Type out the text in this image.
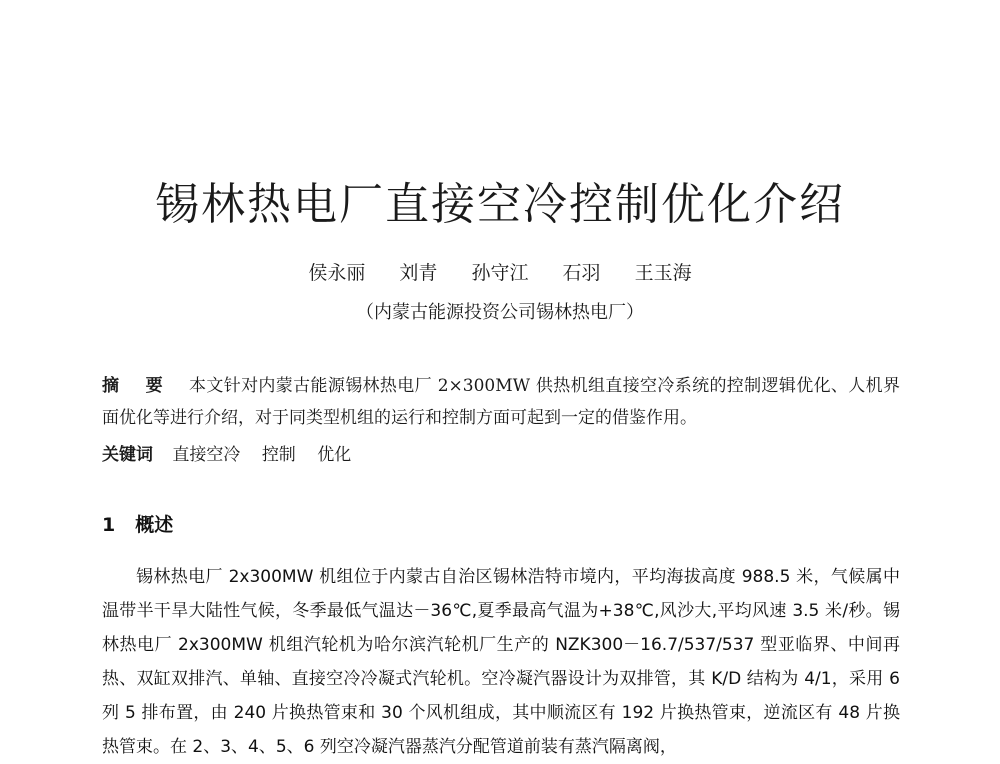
锡林热电厂直接空冷控制优化介绍
侯永丽 刘青 孙守江 石羽 王玉海
（内蒙古能源投资公司锡林热电厂）
摘 要 本文针对内蒙古能源锡林热电厂 2×300MW 供热机组直接空冷系统的控制逻辑优化、人机界面优化等进行介绍，对于同类型机组的运行和控制方面可起到一定的借鉴作用。
关键词 直接空冷 控制 优化
1 概述

锡林热电厂 2x300MW 机组位于内蒙古自治区锡林浩特市境内，平均海拔高度 988.5 米，气候属中温带半干旱大陆性气候，冬季最低气温达－36℃,夏季最高气温为+38℃,风沙大,平均风速 3.5 米/秒。锡林热电厂 2x300MW 机组汽轮机为哈尔滨汽轮机厂生产的 NZK300－16.7/537/537 型亚临界、中间再热、双缸双排汽、单轴、直接空冷冷凝式汽轮机。空冷凝汽器设计为双排管，其 K/D 结构为 4/1，采用 6 列 5 排布置，由 240 片换热管束和 30 个风机组成，其中顺流区有 192 片换热管束，逆流区有 48 片换热管束。在 2、3、4、5、6 列空冷凝汽器蒸汽分配管道前装有蒸汽隔离阀，
